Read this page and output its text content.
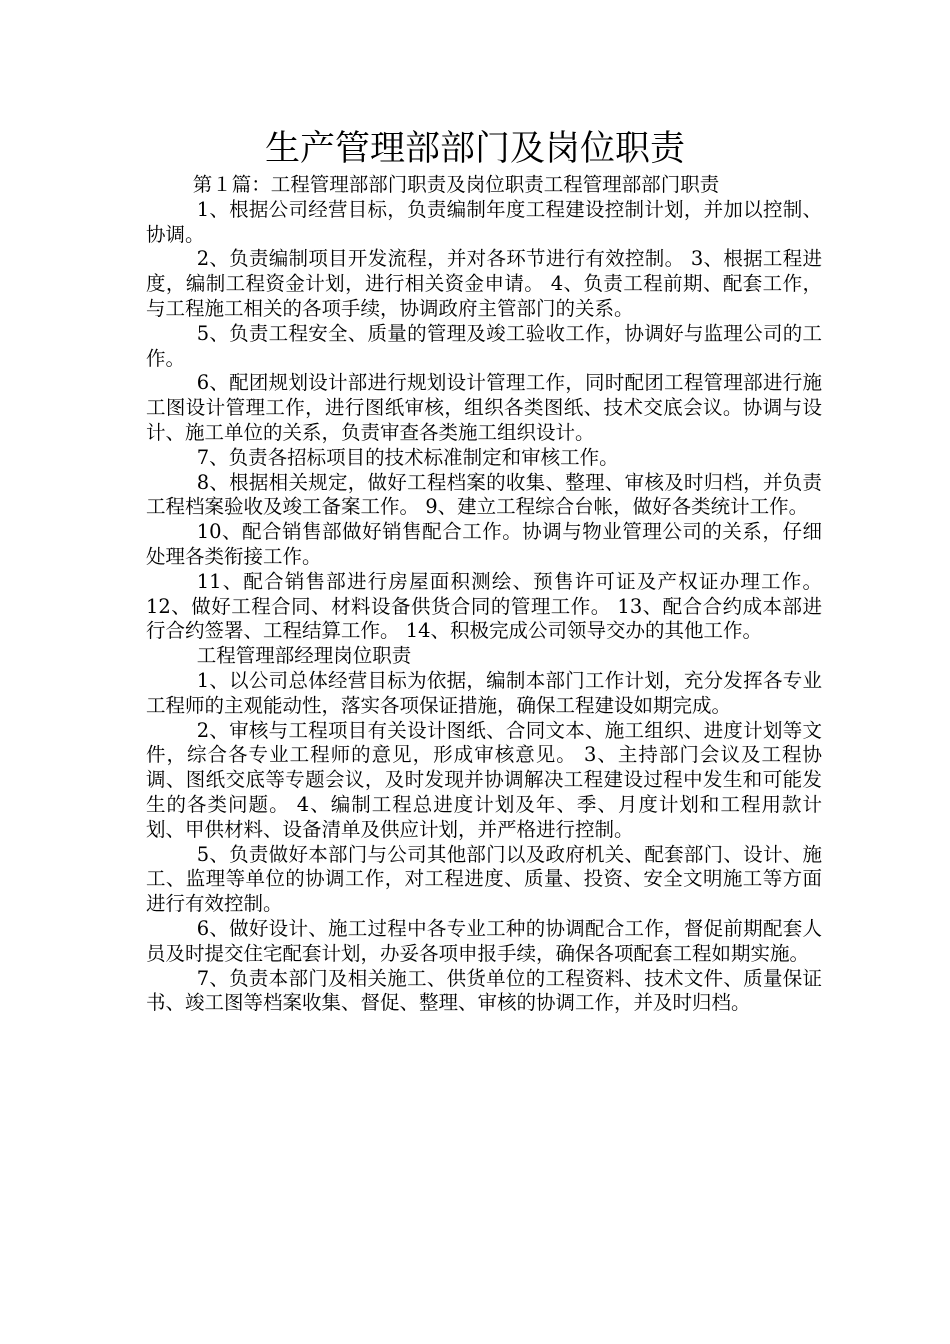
生产管理部部门及岗位职责

第１篇：工程管理部部门职责及岗位职责工程管理部部门职责

1、根据公司经营目标，负责编制年度工程建设控制计划，并加以控制、协调。

2、负责编制项目开发流程，并对各环节进行有效控制。 3、根据工程进度，编制工程资金计划，进行相关资金申请。 4、负责工程前期、配套工作，与工程施工相关的各项手续，协调政府主管部门的关系。

5、负责工程安全、质量的管理及竣工验收工作，协调好与监理公司的工作。

6、配团规划设计部进行规划设计管理工作，同时配团工程管理部进行施工图设计管理工作，进行图纸审核，组织各类图纸、技术交底会议。协调与设计、施工单位的关系，负责审查各类施工组织设计。

7、负责各招标项目的技术标准制定和审核工作。

8、根据相关规定，做好工程档案的收集、整理、审核及时归档，并负责工程档案验收及竣工备案工作。 9、建立工程综合台帐，做好各类统计工作。

10、配合销售部做好销售配合工作。协调与物业管理公司的关系，仔细处理各类衔接工作。

11、配合销售部进行房屋面积测绘、预售许可证及产权证办理工作。 12、做好工程合同、材料设备供货合同的管理工作。 13、配合合约成本部进行合约签署、工程结算工作。 14、积极完成公司领导交办的其他工作。

工程管理部经理岗位职责

1、以公司总体经营目标为依据，编制本部门工作计划，充分发挥各专业工程师的主观能动性，落实各项保证措施，确保工程建设如期完成。

2、审核与工程项目有关设计图纸、合同文本、施工组织、进度计划等文件，综合各专业工程师的意见，形成审核意见。 3、主持部门会议及工程协调、图纸交底等专题会议，及时发现并协调解决工程建设过程中发生和可能发生的各类问题。 4、编制工程总进度计划及年、季、月度计划和工程用款计划、甲供材料、设备清单及供应计划，并严格进行控制。

5、负责做好本部门与公司其他部门以及政府机关、配套部门、设计、施工、监理等单位的协调工作，对工程进度、质量、投资、安全文明施工等方面进行有效控制。

6、做好设计、施工过程中各专业工种的协调配合工作，督促前期配套人员及时提交住宅配套计划，办妥各项申报手续，确保各项配套工程如期实施。

7、负责本部门及相关施工、供货单位的工程资料、技术文件、质量保证书、竣工图等档案收集、督促、整理、审核的协调工作，并及时归档。
